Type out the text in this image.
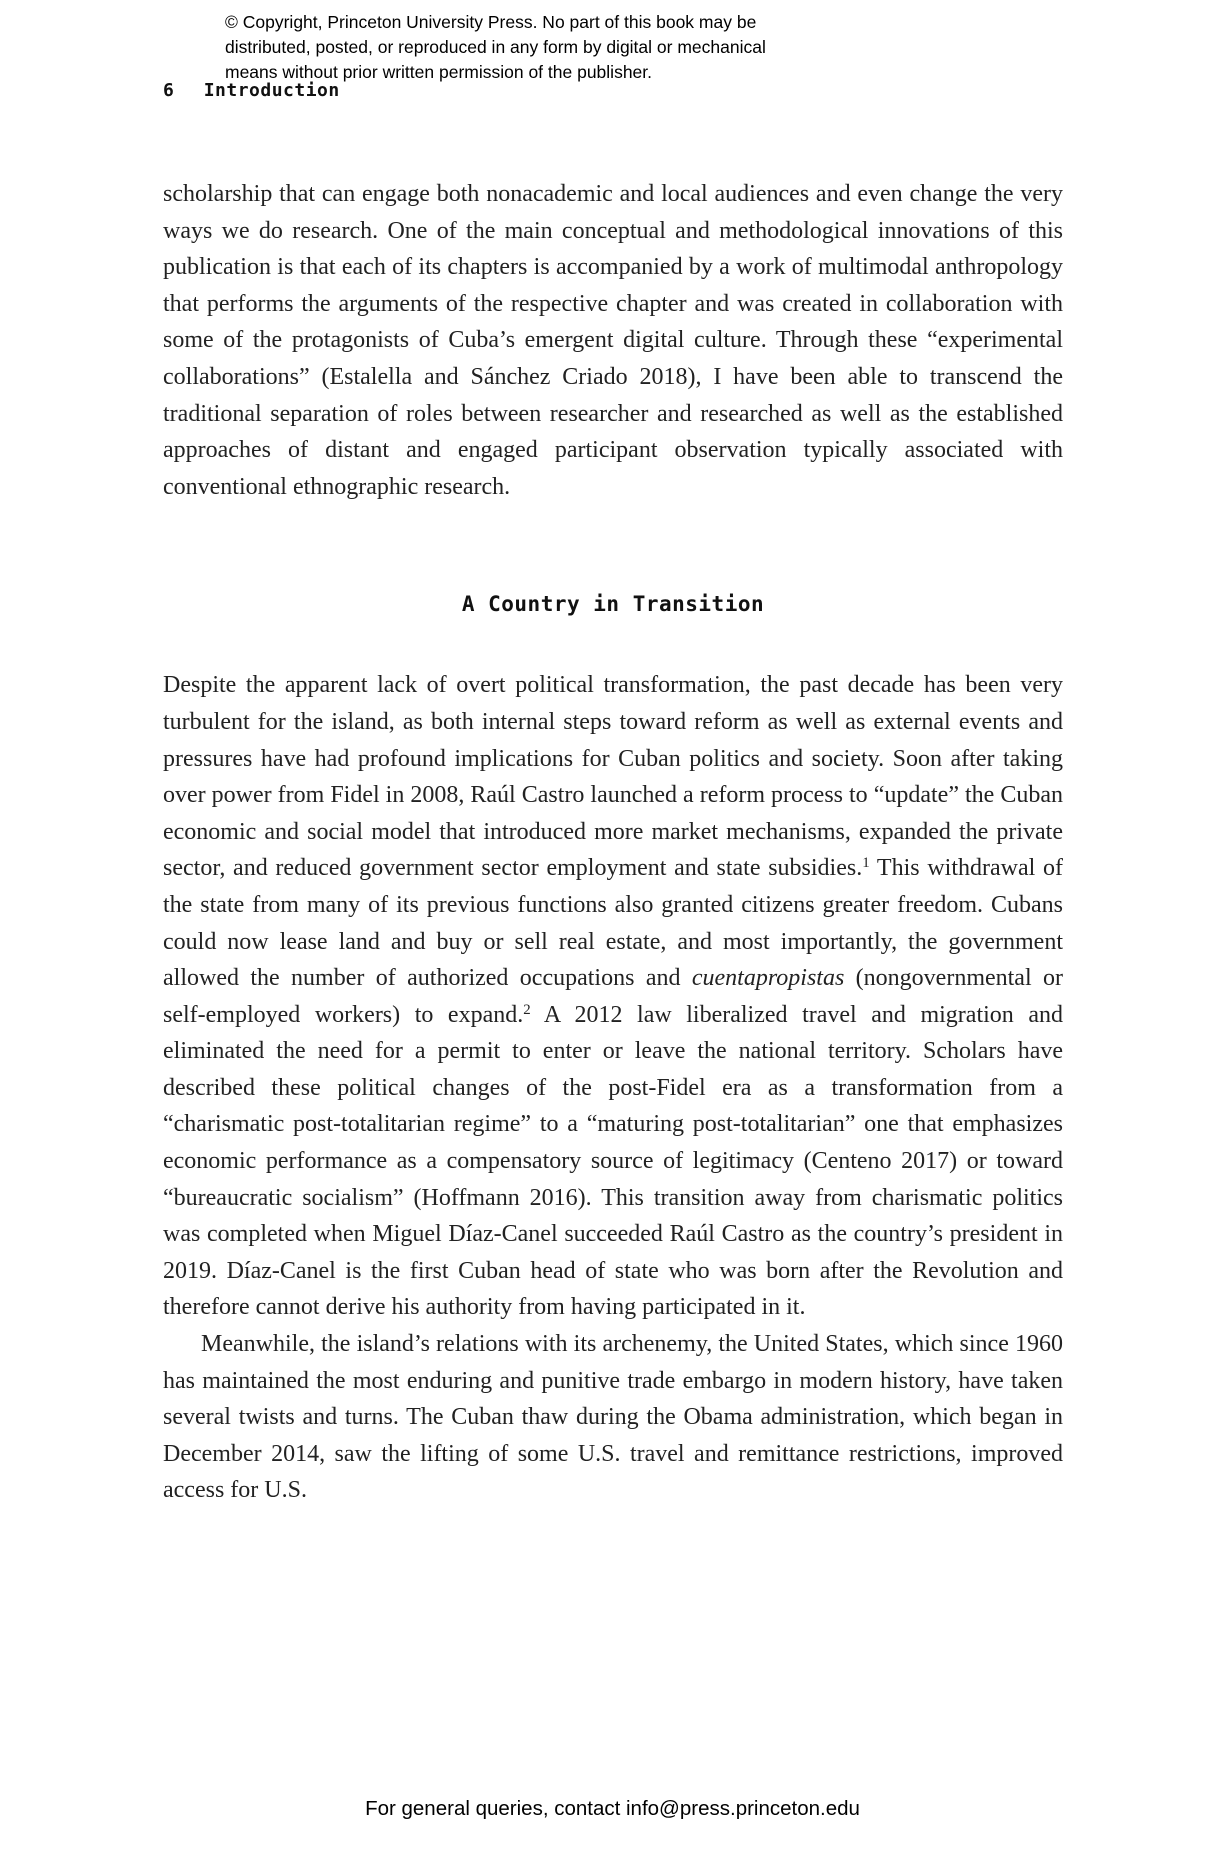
© Copyright, Princeton University Press. No part of this book may be
distributed, posted, or reproduced in any form by digital or mechanical
means without prior written permission of the publisher.
6 Introduction

scholarship that can engage both nonacademic and local audiences and even change the very ways we do research. One of the main conceptual and methodological innovations of this publication is that each of its chapters is accompanied by a work of multimodal anthropology that performs the arguments of the respective chapter and was created in collaboration with some of the protagonists of Cuba’s emergent digital culture. Through these “experimental collaborations” (Estalella and Sánchez Criado 2018), I have been able to transcend the traditional separation of roles between researcher and researched as well as the established approaches of distant and engaged participant observation typically associated with conventional ethnographic research.

A Country in Transition

Despite the apparent lack of overt political transformation, the past decade has been very turbulent for the island, as both internal steps toward reform as well as external events and pressures have had profound implications for Cuban politics and society. Soon after taking over power from Fidel in 2008, Raúl Castro launched a reform process to “update” the Cuban economic and social model that introduced more market mechanisms, expanded the private sector, and reduced government sector employment and state subsidies.$^1$ This withdrawal of the state from many of its previous functions also granted citizens greater freedom. Cubans could now lease land and buy or sell real estate, and most importantly, the government allowed the number of authorized occupations and cuentapropistas (nongovernmental or self-employed workers) to expand.$^2$ A 2012 law liberalized travel and migration and eliminated the need for a permit to enter or leave the national territory. Scholars have described these political changes of the post-Fidel era as a transformation from a “charismatic post-totalitarian regime” to a “maturing post-totalitarian” one that emphasizes economic performance as a compensatory source of legitimacy (Centeno 2017) or toward “bureaucratic socialism” (Hoffmann 2016). This transition away from charismatic politics was completed when Miguel Díaz-Canel succeeded Raúl Castro as the country’s president in 2019. Díaz-Canel is the first Cuban head of state who was born after the Revolution and therefore cannot derive his authority from having participated in it.

Meanwhile, the island’s relations with its archenemy, the United States, which since 1960 has maintained the most enduring and punitive trade embargo in modern history, have taken several twists and turns. The Cuban thaw during the Obama administration, which began in December 2014, saw the lifting of some U.S. travel and remittance restrictions, improved access for U.S.

For general queries, contact info@press.princeton.edu
